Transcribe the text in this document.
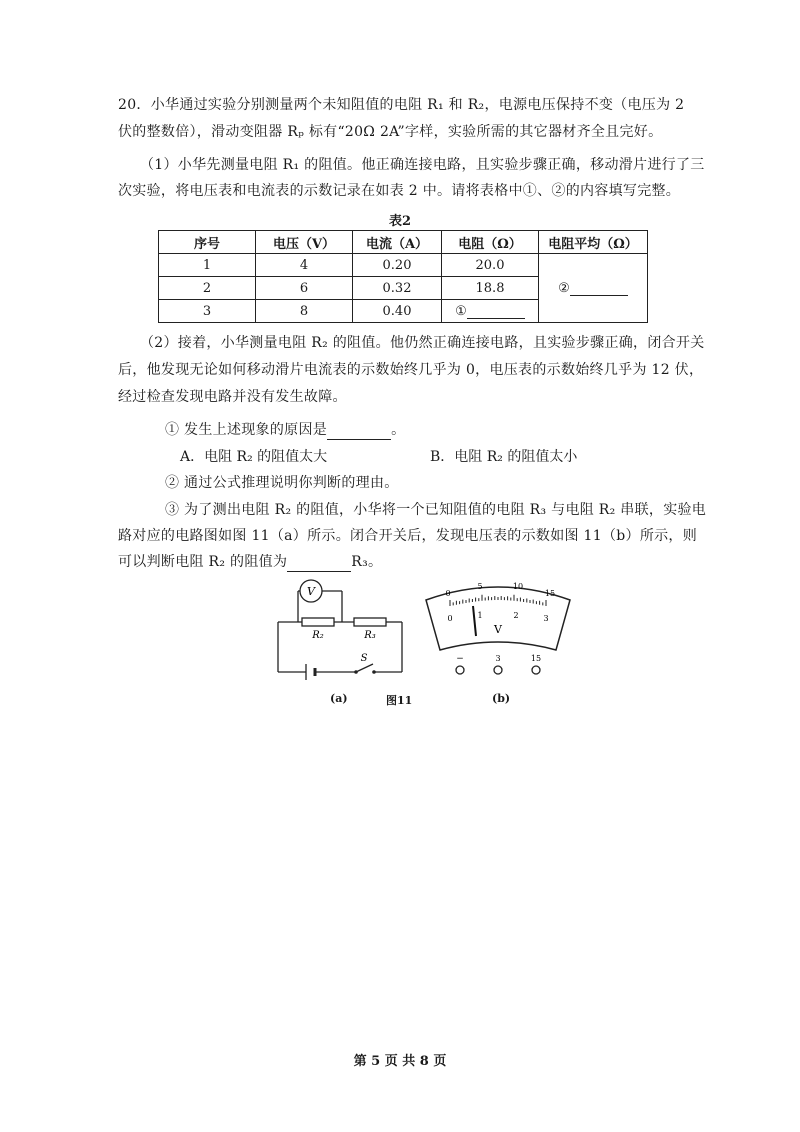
20．小华通过实验分别测量两个未知阻值的电阻 R₁ 和 R₂，电源电压保持不变（电压为 2
伏的整数倍），滑动变阻器 Rₚ 标有“20Ω 2A”字样，实验所需的其它器材齐全且完好。
（1）小华先测量电阻 R₁ 的阻值。他正确连接电路，且实验步骤正确，移动滑片进行了三
次实验，将电压表和电流表的示数记录在如表 2 中。请将表格中①、②的内容填写完整。
表2
序号	电压（V）	电流（A）	电阻（Ω）	电阻平均（Ω）
1	4	0.20	20.0	②
2	6	0.32	18.8	
3	8	0.40	①	
（2）接着，小华测量电阻 R₂ 的阻值。他仍然正确连接电路，且实验步骤正确，闭合开关
后，他发现无论如何移动滑片电流表的示数始终几乎为 0，电压表的示数始终几乎为 12 伏，
经过检查发现电路并没有发生故障。
① 发生上述现象的原因是	。
A．电阻 R₂ 的阻值太大	B．电阻 R₂ 的阻值太小
② 通过公式推理说明你判断的理由。
③ 为了测出电阻 R₂ 的阻值，小华将一个已知阻值的电阻 R₃ 与电阻 R₂ 串联，实验电
路对应的电路图如图 11（a）所示。闭合开关后，发现电压表的示数如图 11（b）所示，则
可以判断电阻 R₂ 的阻值为	R₃。
V
R₂	R₃
S
0
5	10
15
0	1	2	3
V
−	3	15
(a)	图11	(b)
第 5 页 共 8 页
